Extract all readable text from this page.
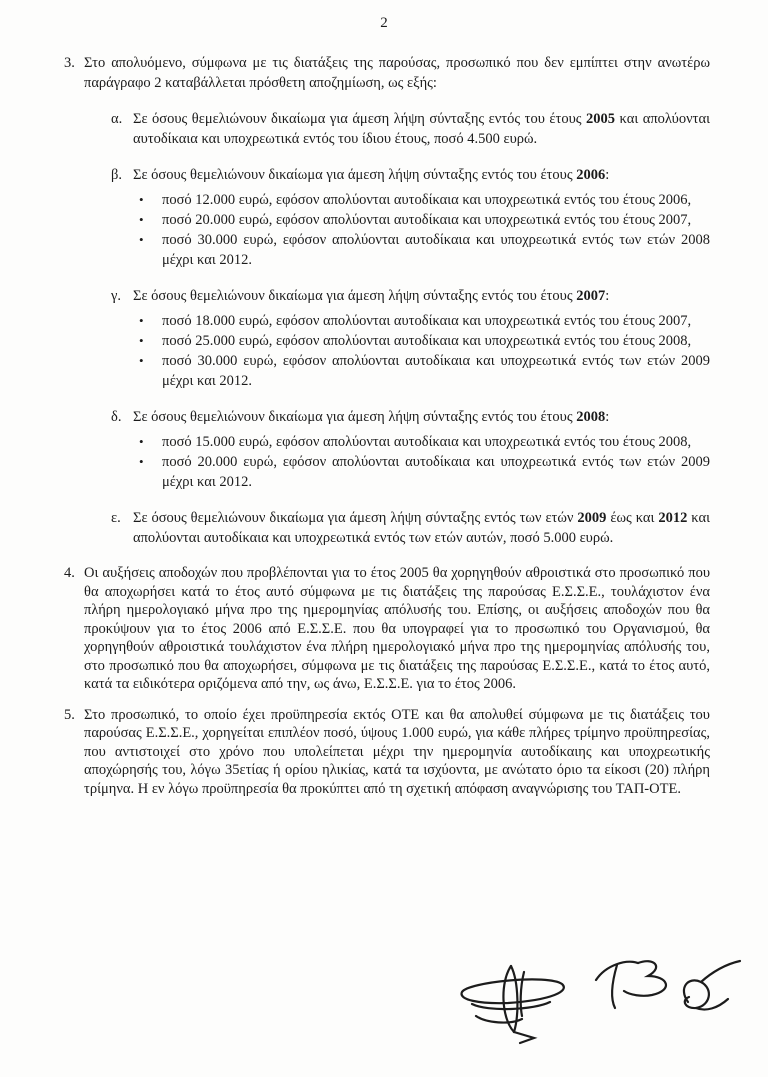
2
3. Στο απολυόμενο, σύμφωνα με τις διατάξεις της παρούσας, προσωπικό που δεν εμπίπτει στην ανωτέρω παράγραφο 2 καταβάλλεται πρόσθετη αποζημίωση, ως εξής:
α. Σε όσους θεμελιώνουν δικαίωμα για άμεση λήψη σύνταξης εντός του έτους 2005 και απολύονται αυτοδίκαια και υποχρεωτικά εντός του ίδιου έτους, ποσό 4.500 ευρώ.
β. Σε όσους θεμελιώνουν δικαίωμα για άμεση λήψη σύνταξης εντός του έτους 2006:
•	ποσό 12.000 ευρώ, εφόσον απολύονται αυτοδίκαια και υποχρεωτικά εντός του έτους 2006,
•	ποσό 20.000 ευρώ, εφόσον απολύονται αυτοδίκαια και υποχρεωτικά εντός του έτους 2007,
•	ποσό 30.000 ευρώ, εφόσον απολύονται αυτοδίκαια και υποχρεωτικά εντός των ετών 2008 μέχρι και 2012.
γ. Σε όσους θεμελιώνουν δικαίωμα για άμεση λήψη σύνταξης εντός του έτους 2007:
•	ποσό 18.000 ευρώ, εφόσον απολύονται αυτοδίκαια και υποχρεωτικά εντός του έτους 2007,
•	ποσό 25.000 ευρώ, εφόσον απολύονται αυτοδίκαια και υποχρεωτικά εντός του έτους 2008,
•	ποσό 30.000 ευρώ, εφόσον απολύονται αυτοδίκαια και υποχρεωτικά εντός των ετών 2009 μέχρι και 2012.
δ. Σε όσους θεμελιώνουν δικαίωμα για άμεση λήψη σύνταξης εντός του έτους 2008:
•	ποσό 15.000 ευρώ, εφόσον απολύονται αυτοδίκαια και υποχρεωτικά εντός του έτους 2008,
•	ποσό 20.000 ευρώ, εφόσον απολύονται αυτοδίκαια και υποχρεωτικά εντός των ετών 2009 μέχρι και 2012.
ε. Σε όσους θεμελιώνουν δικαίωμα για άμεση λήψη σύνταξης εντός των ετών 2009 έως και 2012 και απολύονται αυτοδίκαια και υποχρεωτικά εντός των ετών αυτών, ποσό 5.000 ευρώ.
4. Οι αυξήσεις αποδοχών που προβλέπονται για το έτος 2005 θα χορηγηθούν αθροιστικά στο προσωπικό που θα αποχωρήσει κατά το έτος αυτό σύμφωνα με τις διατάξεις της παρούσας Ε.Σ.Σ.Ε., τουλάχιστον ένα πλήρη ημερολογιακό μήνα προ της ημερομηνίας απόλυσής του. Επίσης, οι αυξήσεις αποδοχών που θα προκύψουν για το έτος 2006 από Ε.Σ.Σ.Ε. που θα υπογραφεί για το προσωπικό του Οργανισμού, θα χορηγηθούν αθροιστικά τουλάχιστον ένα πλήρη ημερολογιακό μήνα προ της ημερομηνίας απόλυσής του, στο προσωπικό που θα αποχωρήσει, σύμφωνα με τις διατάξεις της παρούσας Ε.Σ.Σ.Ε., κατά το έτος αυτό, κατά τα ειδικότερα οριζόμενα από την, ως άνω, Ε.Σ.Σ.Ε. για το έτος 2006.
5. Στο προσωπικό, το οποίο έχει προϋπηρεσία εκτός ΟΤΕ και θα απολυθεί σύμφωνα με τις διατάξεις του παρούσας Ε.Σ.Σ.Ε., χορηγείται επιπλέον ποσό, ύψους 1.000 ευρώ, για κάθε πλήρες τρίμηνο προϋπηρεσίας, που αντιστοιχεί στο χρόνο που υπολείπεται μέχρι την ημερομηνία αυτοδίκαιης και υποχρεωτικής αποχώρησής του, λόγω 35ετίας ή ορίου ηλικίας, κατά τα ισχύοντα, με ανώτατο όριο τα είκοσι (20) πλήρη τρίμηνα. Η εν λόγω προϋπηρεσία θα προκύπτει από τη σχετική απόφαση αναγνώρισης του ΤΑΠ-ΟΤΕ.
